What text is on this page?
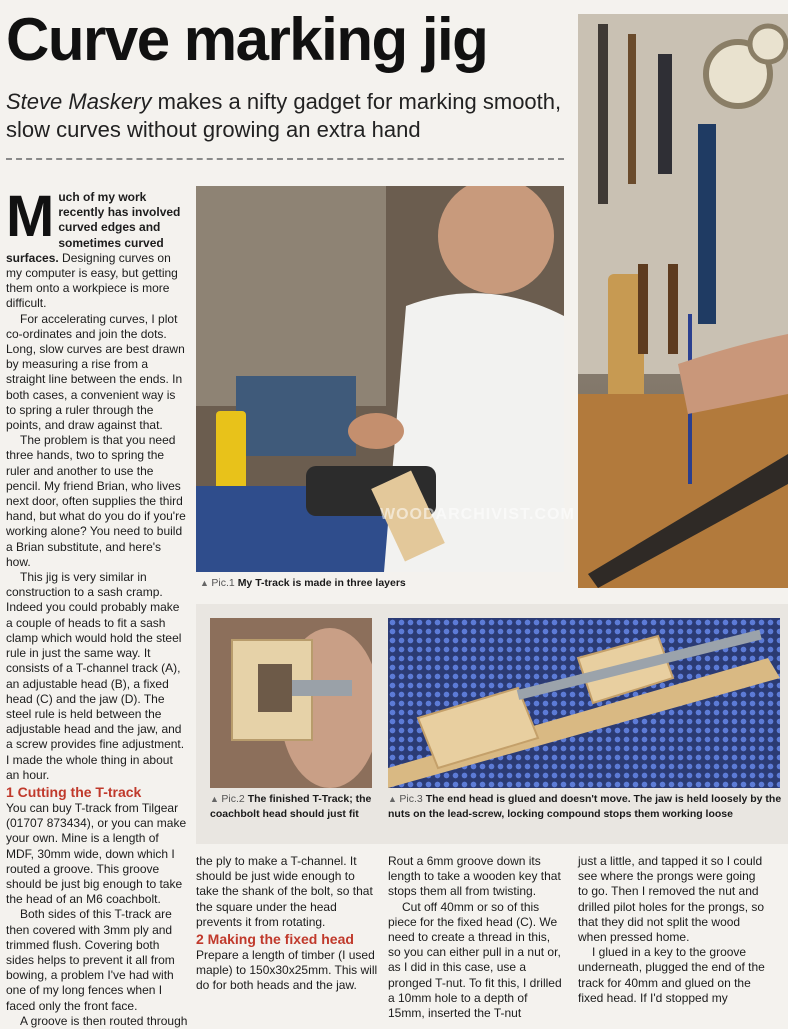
Curve marking jig

Steve Maskery makes a nifty gadget for marking smooth, slow curves without growing an extra hand

▲ Pic.1 My T-track is made in three layers
▲ Pic.2 The finished T-Track; the coachbolt head should just fit
▲ Pic.3 The end head is glued and doesn't move. The jaw is held loosely by the nuts on the lead-screw, locking compound stops them working loose

Much of my work recently has involved curved edges and sometimes curved surfaces. Designing curves on my computer is easy, but getting them onto a workpiece is more difficult.

For accelerating curves, I plot co-ordinates and join the dots. Long, slow curves are best drawn by measuring a rise from a straight line between the ends. In both cases, a convenient way is to spring a ruler through the points, and draw against that.

The problem is that you need three hands, two to spring the ruler and another to use the pencil. My friend Brian, who lives next door, often supplies the third hand, but what do you do if you're working alone? You need to build a Brian substitute, and here's how.

This jig is very similar in construction to a sash cramp. Indeed you could probably make a couple of heads to fit a sash clamp which would hold the steel rule in just the same way. It consists of a T-channel track (A), an adjustable head (B), a fixed head (C) and the jaw (D). The steel rule is held between the adjustable head and the jaw, and a screw provides fine adjustment. I made the whole thing in about an hour.

1 Cutting the T-track

You can buy T-track from Tilgear (01707 873434), or you can make your own. Mine is a length of MDF, 30mm wide, down which I routed a groove. This groove should be just big enough to take the head of an M6 coachbolt.

Both sides of this T-track are then covered with 3mm ply and trimmed flush. Covering both sides helps to prevent it all from bowing, a problem I've had with one of my long fences when I faced only the front face.

A groove is then routed through

the ply to make a T-channel. It should be just wide enough to take the shank of the bolt, so that the square under the head prevents it from rotating.

2 Making the fixed head

Prepare a length of timber (I used maple) to 150x30x25mm. This will do for both heads and the jaw.

Rout a 6mm groove down its length to take a wooden key that stops them all from twisting.

Cut off 40mm or so of this piece for the fixed head (C). We need to create a thread in this, so you can either pull in a nut or, as I did in this case, use a pronged T-nut. To fit this, I drilled a 10mm hole to a depth of 15mm, inserted the T-nut

just a little, and tapped it so I could see where the prongs were going to go. Then I removed the nut and drilled pilot holes for the prongs, so that they did not split the wood when pressed home.

I glued in a key to the groove underneath, plugged the end of the track for 40mm and glued on the fixed head. If I'd stopped my

WOODARCHIVIST.COM
